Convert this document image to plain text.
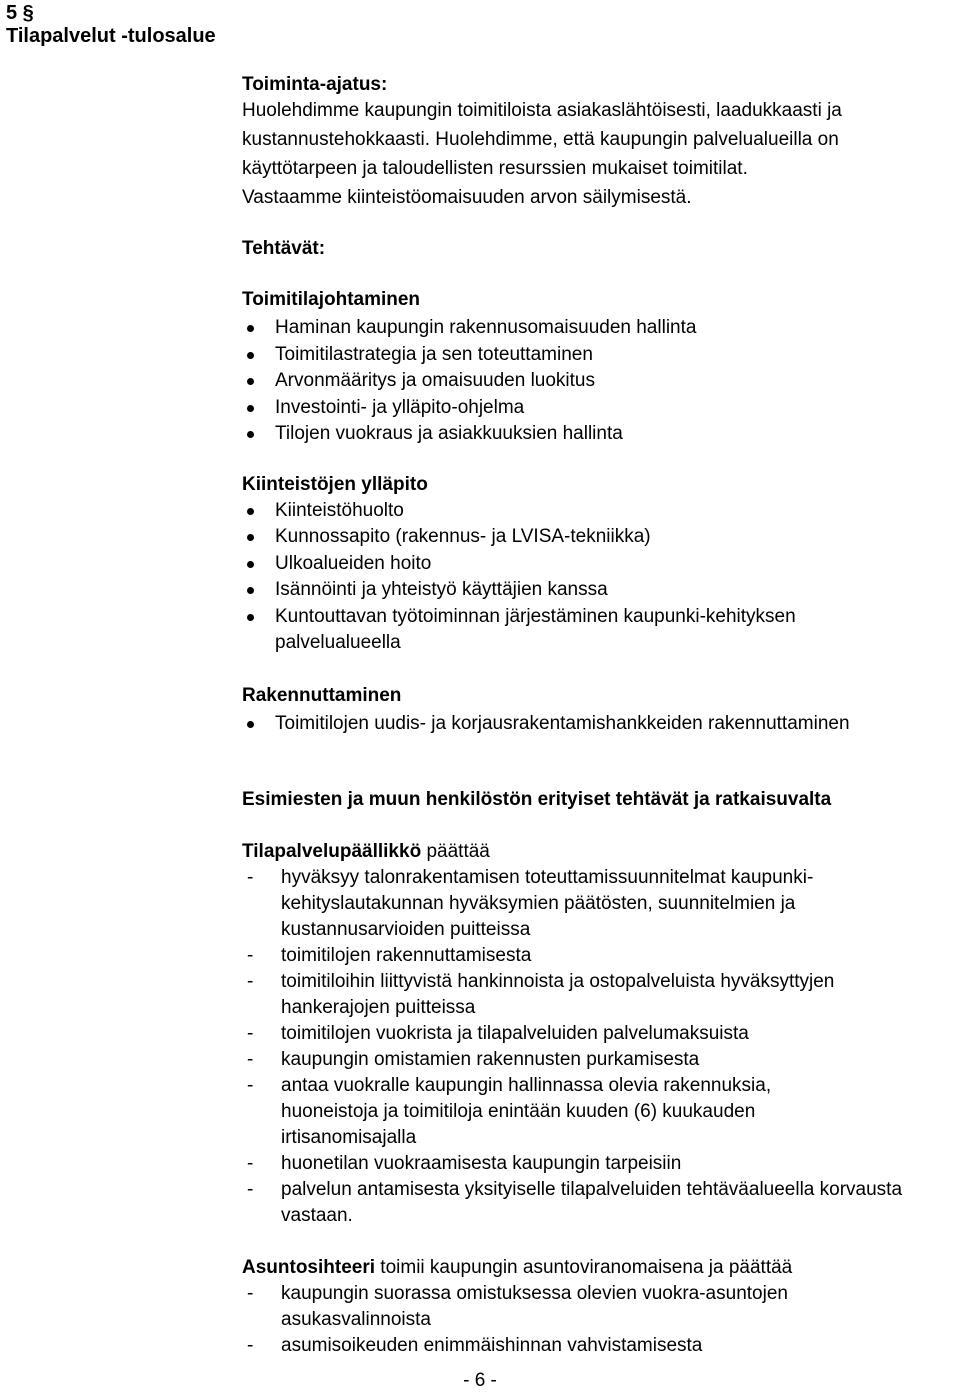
5 §
Tilapalvelut -tulosalue
Toiminta-ajatus:
Huolehdimme kaupungin toimitiloista asiakaslähtöisesti, laadukkaasti ja
kustannustehokkaasti. Huolehdimme, että kaupungin palvelualueilla on
käyttötarpeen ja taloudellisten resurssien mukaiset toimitilat.
Vastaamme kiinteistöomaisuuden arvon säilymisestä.
Tehtävät:
Toimitilajohtaminen
Haminan kaupungin rakennusomaisuuden hallinta
Toimitilastrategia ja sen toteuttaminen
Arvonmääritys ja omaisuuden luokitus
Investointi- ja ylläpito-ohjelma
Tilojen vuokraus ja asiakkuuksien hallinta
Kiinteistöjen ylläpito
Kiinteistöhuolto
Kunnossapito (rakennus- ja LVISA-tekniikka)
Ulkoalueiden hoito
Isännöinti ja yhteistyö käyttäjien kanssa
Kuntouttavan työtoiminnan järjestäminen kaupunki-kehityksen palvelualueella
Rakennuttaminen
Toimitilojen uudis- ja korjausrakentamishankkeiden rakennuttaminen
Esimiesten ja muun henkilöstön erityiset tehtävät ja ratkaisuvalta
Tilapalvelupäällikkö päättää
- hyväksyy talonrakentamisen toteuttamissuunnitelmat kaupunki-kehityslautakunnan hyväksymien päätösten, suunnitelmien ja kustannusarvioiden puitteissa
- toimitilojen rakennuttamisesta
- toimitiloihin liittyvistä hankinnoista ja ostopalveluista hyväksyttyjen hankerajojen puitteissa
- toimitilojen vuokrista ja tilapalveluiden palvelumaksuista
- kaupungin omistamien rakennusten purkamisesta
- antaa vuokralle kaupungin hallinnassa olevia rakennuksia, huoneistoja ja toimitiloja enintään kuuden (6) kuukauden irtisanomisajalla
- huonetilan vuokraamisesta kaupungin tarpeisiin
- palvelun antamisesta yksityiselle tilapalveluiden tehtäväalueella korvausta vastaan.
Asuntosihteeri toimii kaupungin asuntoviranomaisena ja päättää
- kaupungin suorassa omistuksessa olevien vuokra-asuntojen asukasvalinnoista
- asumisoikeuden enimmäishinnan vahvistamisesta
- 6 -
